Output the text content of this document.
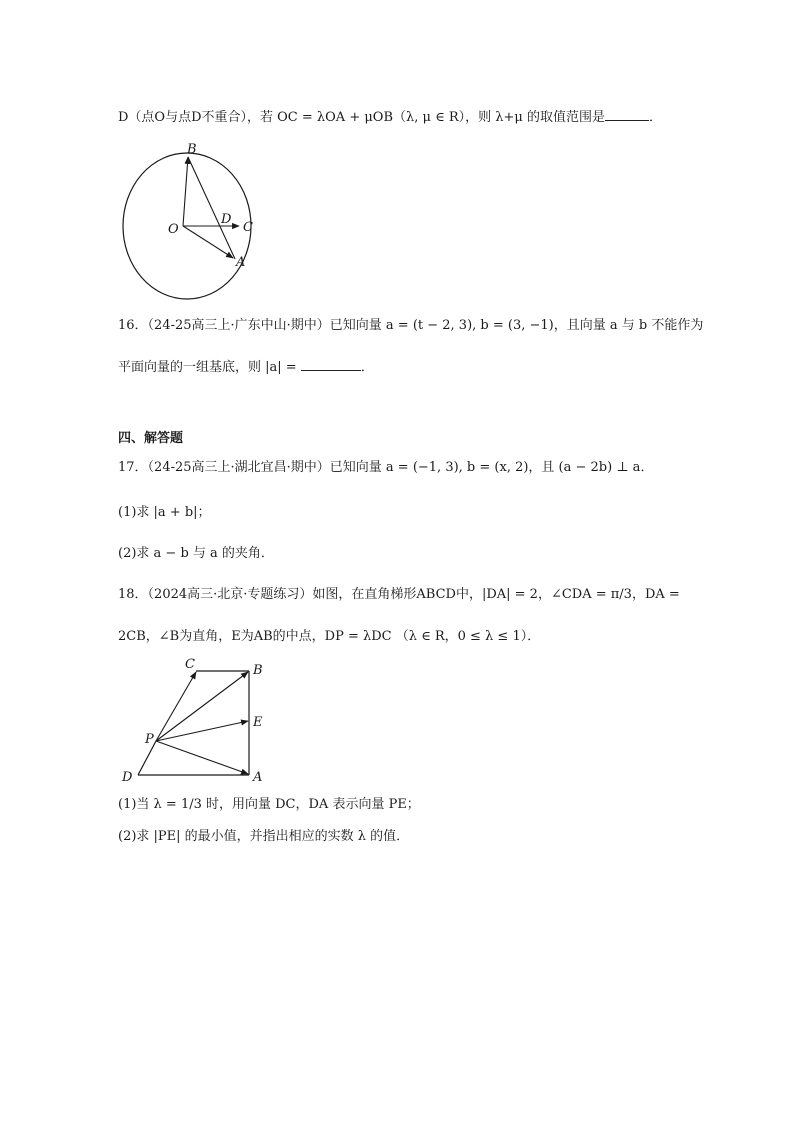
D（点O与点D不重合），若 OC = λOA + μOB（λ, μ ∈ R），则 λ+μ 的取值范围是	．
B
O
D
C
A
16．（24-25高三上·广东中山·期中）已知向量 a = (t − 2, 3), b = (3, −1)，且向量 a 与 b 不能作为
平面向量的一组基底，则 |a| =	．
四、解答题
17．（24-25高三上·湖北宜昌·期中）已知向量 a = (−1, 3), b = (x, 2)，且 (a − 2b) ⊥ a．
(1)求 |a + b|；
(2)求 a − b 与 a 的夹角．
18．（2024高三·北京·专题练习）如图，在直角梯形ABCD中，|DA| = 2，∠CDA = π/3，DA =
2CB，∠B为直角，E为AB的中点，DP = λDC （λ ∈ R，0 ≤ λ ≤ 1）．
C	B
P
E
D	A
(1)当 λ = 1/3 时，用向量 DC，DA 表示向量 PE；
(2)求 |PE| 的最小值，并指出相应的实数 λ 的值．
